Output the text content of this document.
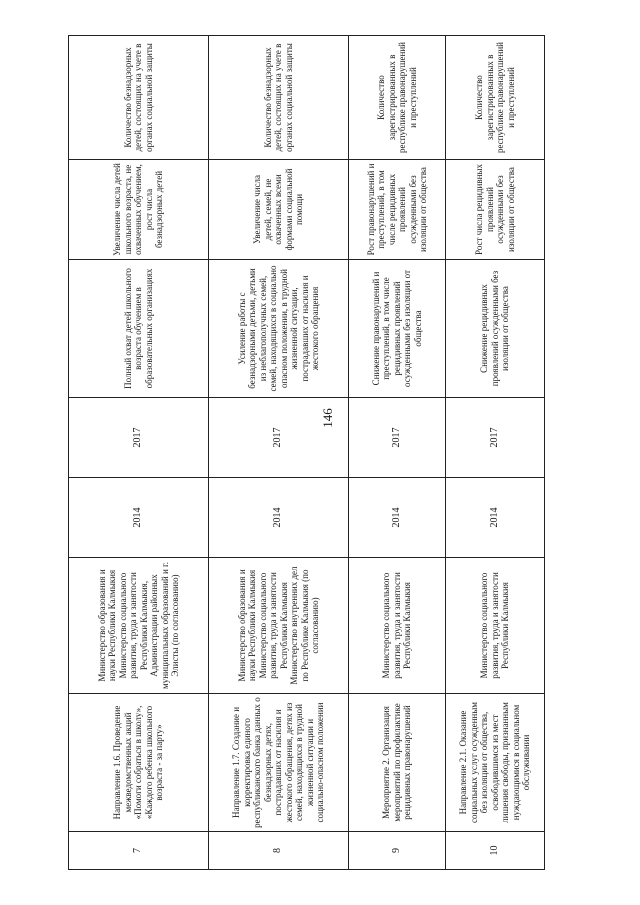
146
7	Направление 1.6. Проведение межведомственных акций «Помоги собраться в школу», «Каждого ребенка школьного возраста - за парту»	Министерство образования и науки Республики Калмыкия Министерство социального развития, труда и занятости Республики Калмыкия, Администрации районных муниципальных образований и г. Элисты (по согласованию)	2014	2017	Полный охват детей школьного возраста обучением в образовательных организациях	Увеличение числа детей школьного возраста, не охваченных обучением, рост числа безнадзорных детей	Количество безнадзорных детей, состоящих на учете в органах социальной защиты
8	Направление 1.7. Создание и корректировка единого республиканского банка данных о безнадзорных детях, пострадавших от насилия и жестокого обращения, детях из семей, находящихся в трудной жизненной ситуации и социально-опасном положении	Министерство образования и науки Республики Калмыкия Министерство социального развития, труда и занятости Республики Калмыкия Министерство внутренних дел по Республике Калмыкия (по согласованию)	2014	2017	Усиление работы с безнадзорными детьми, детьми из неблагополучных семей, семей, находящихся в социально опасном положении, в трудной жизненной ситуации, пострадавших от насилия и жестокого обращения	Увеличение числа детей, семей, не охваченных всеми формами социальной помощи	Количество безнадзорных детей, состоящих на учете в органах социальной защиты
9	Мероприятие 2. Организация мероприятий по профилактике рецидивных правонарушений	Министерство социального развития, труда и занятости Республики Калмыкия	2014	2017	Снижение правонарушений и преступлений, в том числе рецидивных проявлений осужденными без изоляции от общества	Рост правонарушений и преступлений, в том числе рецидивных проявлений осужденными без изоляции от общества	Количество зарегистрированных в республике правонарушений и преступлений
10	Направление 2.1. Оказание социальных услуг осужденным без изоляции от общества, освободившимся из мест лишения свободы, признанным нуждающимися в социальном обслуживании	Министерство социального развития, труда и занятости Республики Калмыкия	2014	2017	Снижение рецидивных проявлений осужденными без изоляции от общества	Рост числа рецидивных проявлений осужденными без изоляции от общества	Количество зарегистрированных в республике правонарушений и преступлений
